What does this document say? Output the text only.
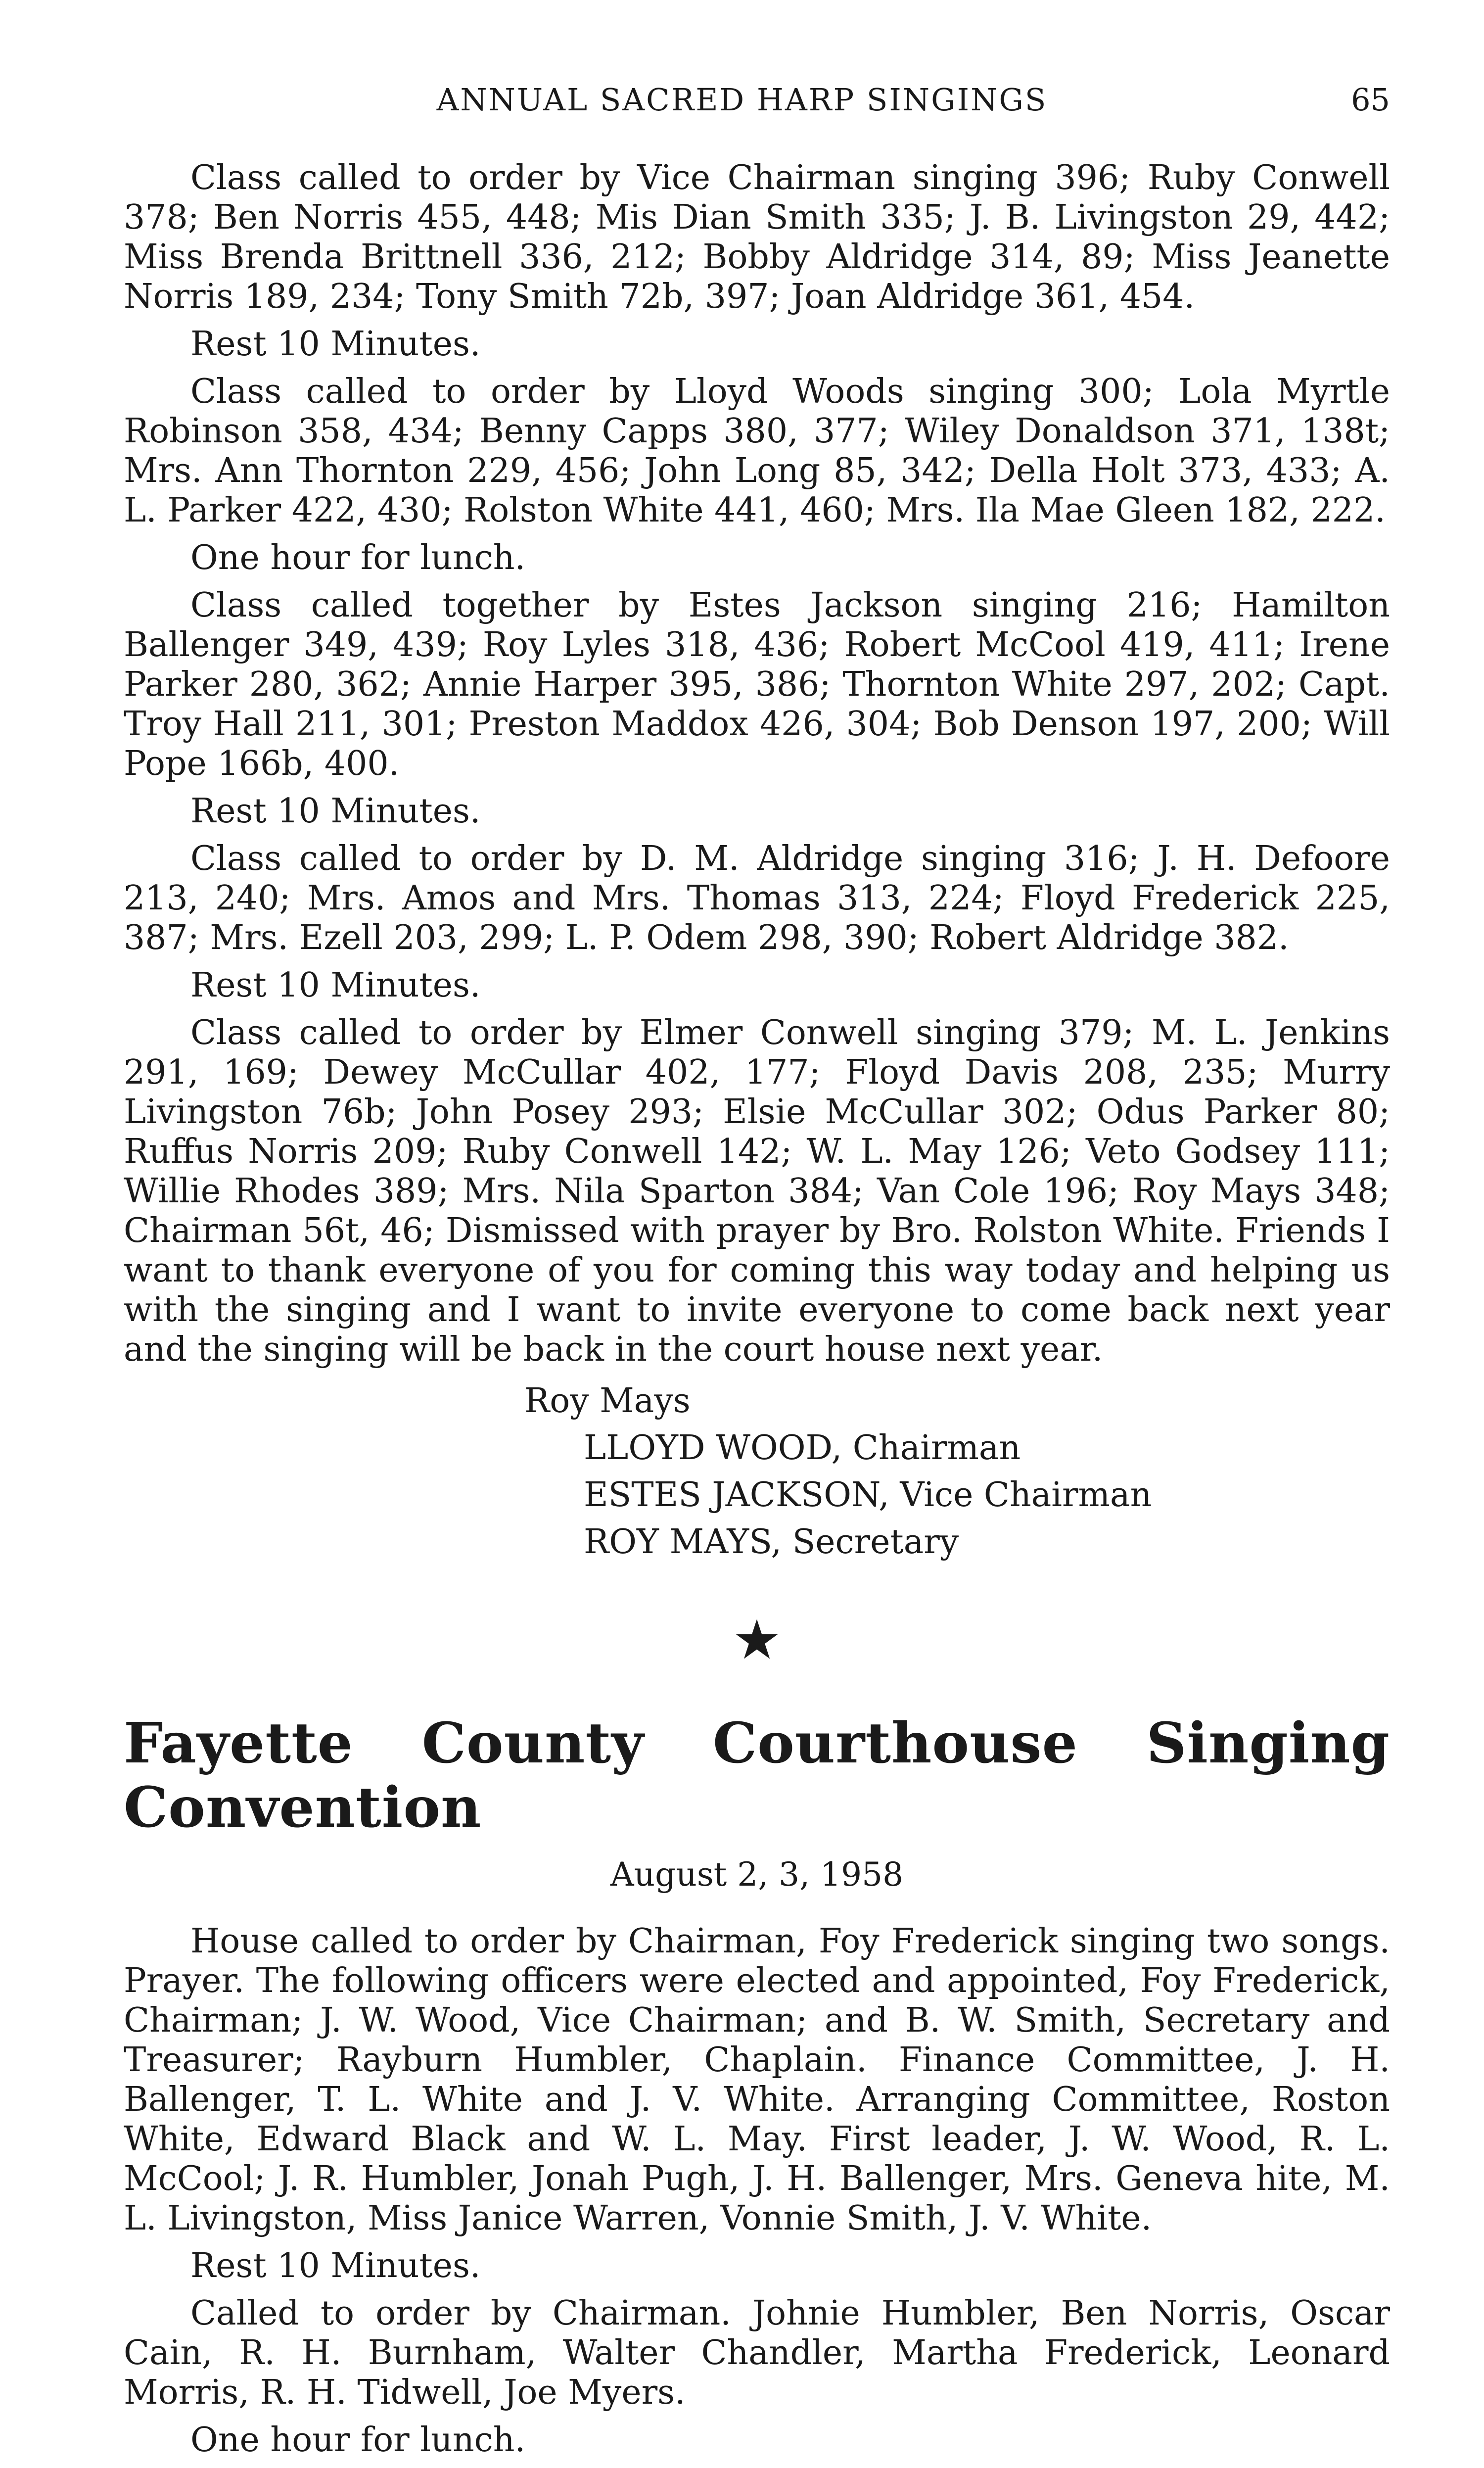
ANNUAL SACRED HARP SINGINGS	65

Class called to order by Vice Chairman singing 396; Ruby Conwell 378; Ben Norris 455, 448; Mis Dian Smith 335; J. B. Livingston 29, 442; Miss Brenda Brittnell 336, 212; Bobby Aldridge 314, 89; Miss Jeanette Norris 189, 234; Tony Smith 72b, 397; Joan Aldridge 361, 454.

Rest 10 Minutes.

Class called to order by Lloyd Woods singing 300; Lola Myrtle Robinson 358, 434; Benny Capps 380, 377; Wiley Donaldson 371, 138t; Mrs. Ann Thornton 229, 456; John Long 85, 342; Della Holt 373, 433; A. L. Parker 422, 430; Rolston White 441, 460; Mrs. Ila Mae Gleen 182, 222.

One hour for lunch.

Class called together by Estes Jackson singing 216; Hamilton Ballenger 349, 439; Roy Lyles 318, 436; Robert McCool 419, 411; Irene Parker 280, 362; Annie Harper 395, 386; Thornton White 297, 202; Capt. Troy Hall 211, 301; Preston Maddox 426, 304; Bob Denson 197, 200; Will Pope 166b, 400.

Rest 10 Minutes.

Class called to order by D. M. Aldridge singing 316; J. H. Defoore 213, 240; Mrs. Amos and Mrs. Thomas 313, 224; Floyd Frederick 225, 387; Mrs. Ezell 203, 299; L. P. Odem 298, 390; Robert Aldridge 382.

Rest 10 Minutes.

Class called to order by Elmer Conwell singing 379; M. L. Jenkins 291, 169; Dewey McCullar 402, 177; Floyd Davis 208, 235; Murry Livingston 76b; John Posey 293; Elsie McCullar 302; Odus Parker 80; Ruffus Norris 209; Ruby Conwell 142; W. L. May 126; Veto Godsey 111; Willie Rhodes 389; Mrs. Nila Sparton 384; Van Cole 196; Roy Mays 348; Chairman 56t, 46; Dismissed with prayer by Bro. Rolston White. Friends I want to thank everyone of you for coming this way today and helping us with the singing and I want to invite everyone to come back next year and the singing will be back in the court house next year.

Roy Mays
LLOYD WOOD, Chairman
ESTES JACKSON, Vice Chairman
ROY MAYS, Secretary
★
Fayette County Courthouse Singing Convention
August 2, 3, 1958

House called to order by Chairman, Foy Frederick singing two songs. Prayer. The following officers were elected and appointed, Foy Frederick, Chairman; J. W. Wood, Vice Chairman; and B. W. Smith, Secretary and Treasurer; Rayburn Humbler, Chaplain. Finance Committee, J. H. Ballenger, T. L. White and J. V. White. Arranging Committee, Roston White, Edward Black and W. L. May. First leader, J. W. Wood, R. L. McCool; J. R. Humbler, Jonah Pugh, J. H. Ballenger, Mrs. Geneva hite, M. L. Livingston, Miss Janice Warren, Vonnie Smith, J. V. White.

Rest 10 Minutes.

Called to order by Chairman. Johnie Humbler, Ben Norris, Oscar Cain, R. H. Burnham, Walter Chandler, Martha Frederick, Leonard Morris, R. H. Tidwell, Joe Myers.

One hour for lunch.
